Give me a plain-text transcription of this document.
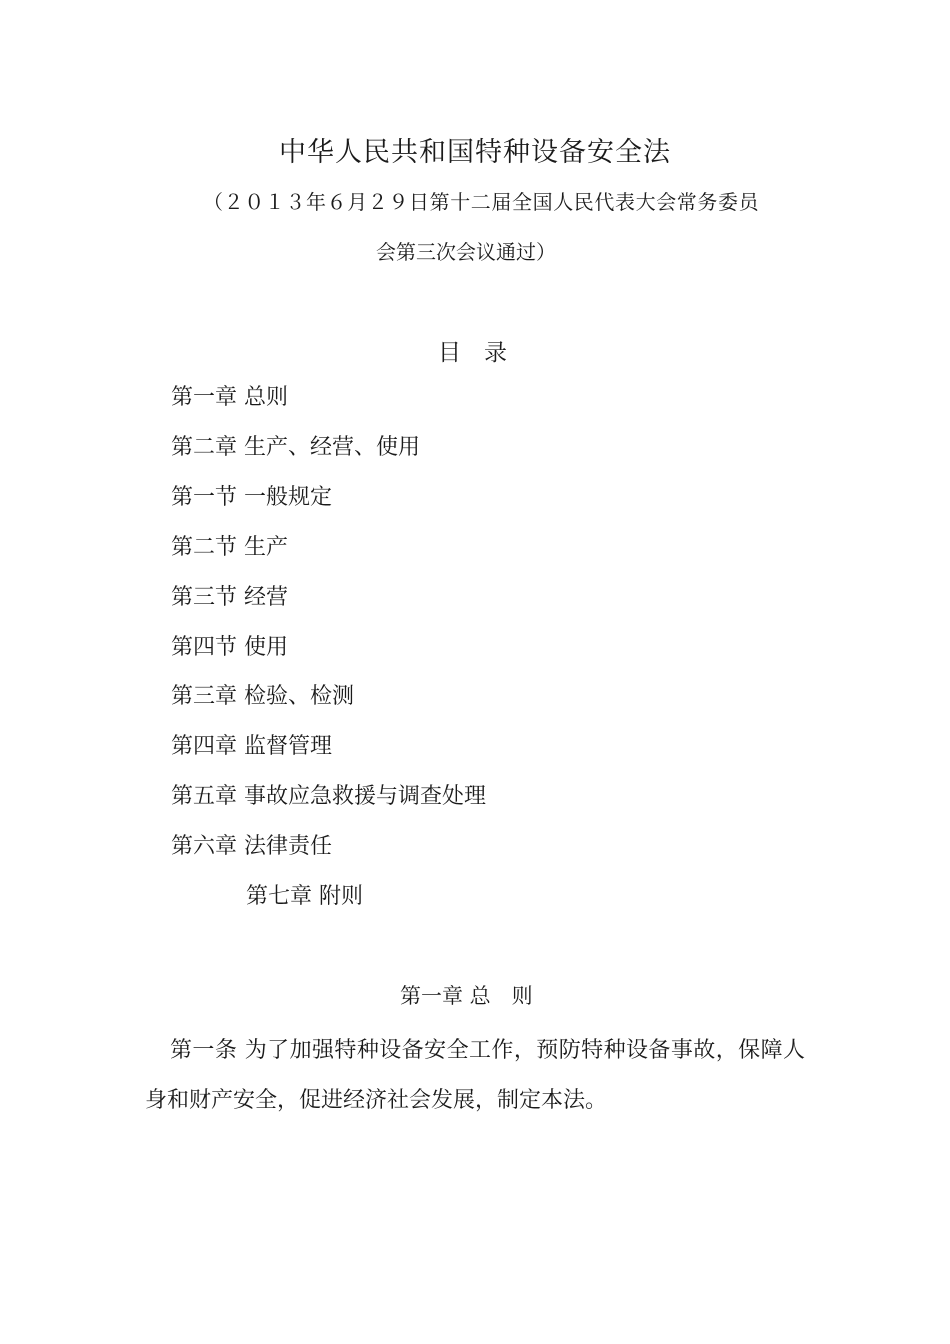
中华人民共和国特种设备安全法
（２０１３年６月２９日第十二届全国人民代表大会常务委员
会第三次会议通过）
目　录
第一章 总则
第二章 生产、经营、使用
第一节 一般规定
第二节 生产
第三节 经营
第四节 使用
第三章 检验、检测
第四章 监督管理
第五章 事故应急救援与调查处理
第六章 法律责任
第七章 附则
第一章 总　则

第一条 为了加强特种设备安全工作，预防特种设备事故，保障人身和财产安全，促进经济社会发展，制定本法。
